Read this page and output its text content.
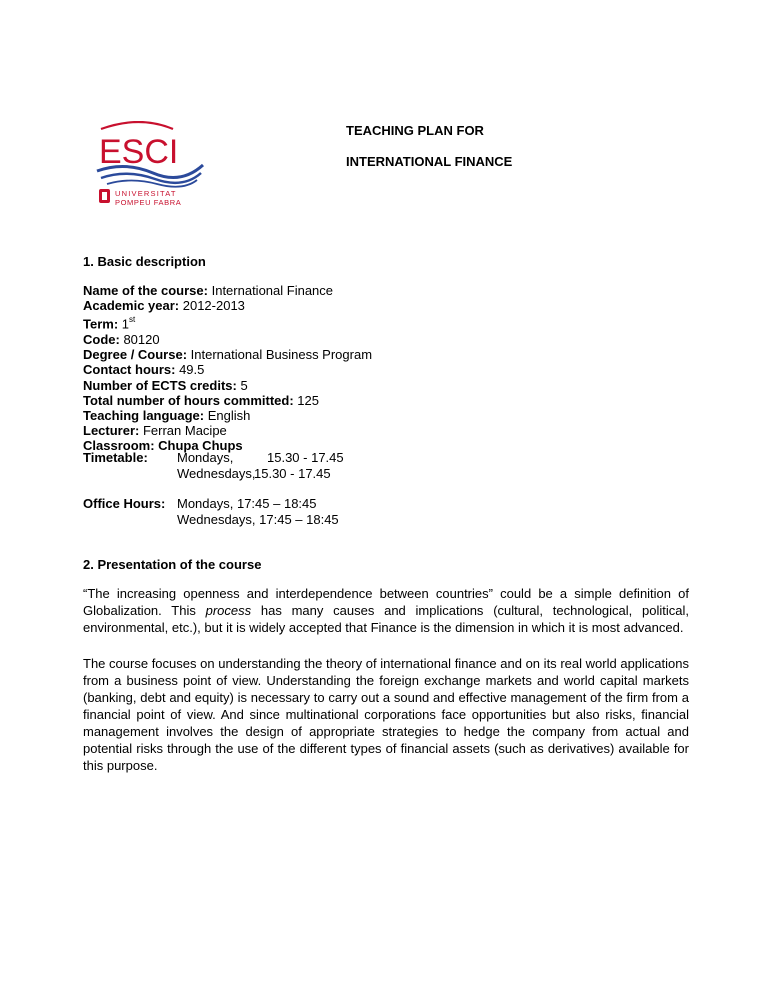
ESCI
UNIVERSITAT
POMPEU FABRA
TEACHING PLAN FOR
INTERNATIONAL FINANCE
1. Basic description
Name of the course: International Finance
Academic year: 2012-2013
Term: 1st
Code: 80120
Degree / Course: International Business Program
Contact hours: 49.5
Number of ECTS credits: 5
Total number of hours committed: 125
Teaching language: English
Lecturer: Ferran Macipe
Classroom: Chupa Chups
Timetable: Mondays,	15.30 - 17.45
Wednesdays,
15.30 - 17.45
Office Hours: Mondays, 17:45 – 18:45
Wednesdays, 17:45 – 18:45
2. Presentation of the course
“The increasing openness and interdependence between countries” could be a simple definition of Globalization. This process has many causes and implications (cultural, technological, political, environmental, etc.), but it is widely accepted that Finance is the dimension in which it is most advanced.
The course focuses on understanding the theory of international finance and on its real world applications from a business point of view. Understanding the foreign exchange markets and world capital markets (banking, debt and equity) is necessary to carry out a sound and effective management of the firm from a financial point of view. And since multinational corporations face opportunities but also risks, financial management involves the design of appropriate strategies to hedge the company from actual and potential risks through the use of the different types of financial assets (such as derivatives) available for this purpose.
